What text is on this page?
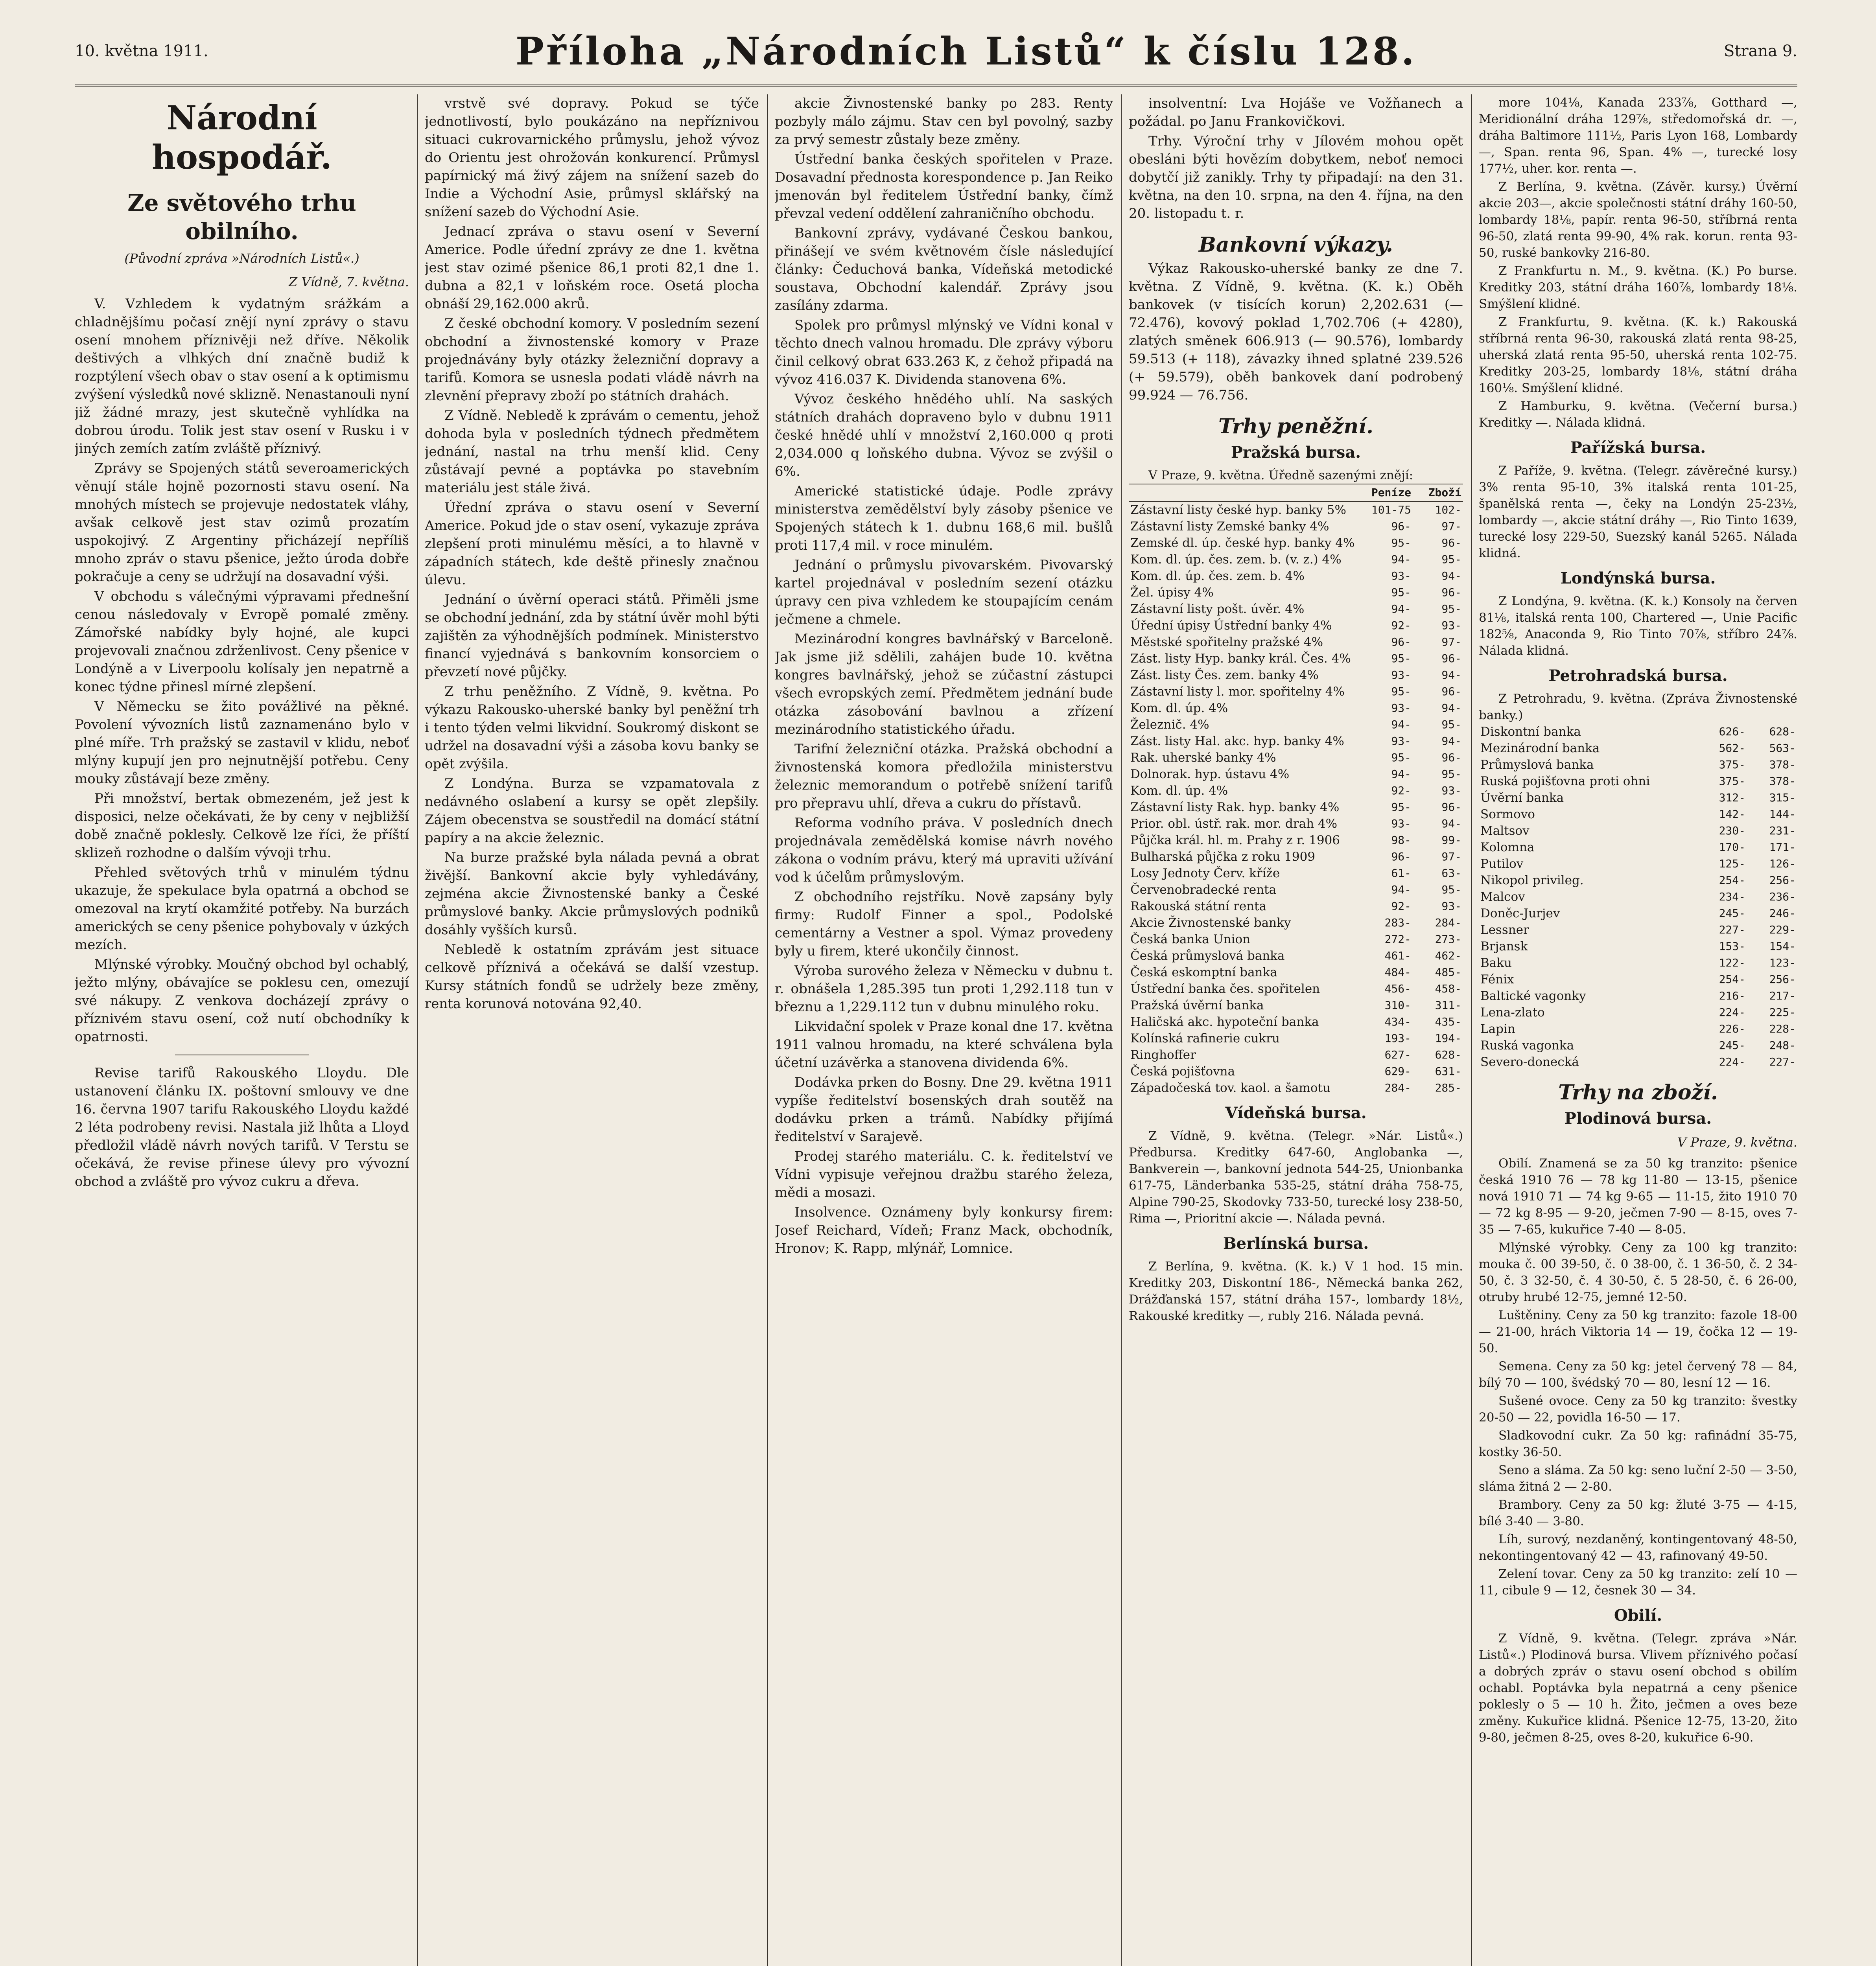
10. května 1911.	Příloha „Národních Listů“ k číslu 128.	Strana 9.
Národní hospodář.
Ze světového trhu obilního.
(Původní zpráva »Národních Listů«.)
Z Vídně, 7. května.

V. Vzhledem k vydatným srážkám a chladnějšímu počasí znějí nyní zprávy o stavu osení mnohem příznivěji než dříve. Několik deštivých a vlhkých dní značně budiž k rozptýlení všech obav o stav osení a k optimismu zvýšení výsledků nové sklizně. Nenastanouli nyní již žádné mrazy, jest skutečně vyhlídka na dobrou úrodu. Tolik jest stav osení v Rusku i v jiných zemích zatím zvláště příznivý.

Zprávy se Spojených států severoamerických věnují stále hojně pozornosti stavu osení. Na mnohých místech se projevuje nedostatek vláhy, avšak celkově jest stav ozimů prozatím uspokojivý. Z Argentiny přicházejí nepříliš mnoho zpráv o stavu pšenice, ježto úroda dobře pokračuje a ceny se udržují na dosavadní výši.

V obchodu s válečnými výpravami přednešní cenou následovaly v Evropě pomalé změny. Zámořské nabídky byly hojné, ale kupci projevovali značnou zdrženlivost. Ceny pšenice v Londýně a v Liverpoolu kolísaly jen nepatrně a konec týdne přinesl mírné zlepšení.

V Německu se žito povážlivé na pěkné. Povolení vývozních listů zaznamenáno bylo v plné míře. Trh pražský se zastavil v klidu, neboť mlýny kupují jen pro nejnutnější potřebu. Ceny mouky zůstávají beze změny.

Při množství, bertak obmezeném, jež jest k disposici, nelze očekávati, že by ceny v nejbližší době značně poklesly. Celkově lze říci, že příští sklizeň rozhodne o dalším vývoji trhu.

Přehled světových trhů v minulém týdnu ukazuje, že spekulace byla opatrná a obchod se omezoval na krytí okamžité potřeby. Na burzách amerických se ceny pšenice pohybovaly v úzkých mezích.

Mlýnské výrobky. Moučný obchod byl ochablý, ježto mlýny, obávajíce se poklesu cen, omezují své nákupy. Z venkova docházejí zprávy o příznivém stavu osení, což nutí obchodníky k opatrnosti.

Revise tarifů Rakouského Lloydu. Dle ustanovení článku IX. poštovní smlouvy ve dne 16. června 1907 tarifu Rakouského Lloydu každé 2 léta podrobeny revisi. Nastala již lhůta a Lloyd předložil vládě návrh nových tarifů. V Terstu se očekává, že revise přinese úlevy pro vývozní obchod a zvláště pro vývoz cukru a dřeva.

vrstvě své dopravy. Pokud se týče jednotlivostí, bylo poukázáno na nepříznivou situaci cukrovarnického průmyslu, jehož vývoz do Orientu jest ohrožován konkurencí. Průmysl papírnický má živý zájem na snížení sazeb do Indie a Východní Asie, průmysl sklářský na snížení sazeb do Východní Asie.

Jednací zpráva o stavu osení v Severní Americe. Podle úřední zprávy ze dne 1. května jest stav ozimé pšenice 86,1 proti 82,1 dne 1. dubna a 82,1 v loňském roce. Osetá plocha obnáší 29,162.000 akrů.

Z české obchodní komory. V posledním sezení obchodní a živnostenské komory v Praze projednávány byly otázky železniční dopravy a tarifů. Komora se usnesla podati vládě návrh na zlevnění přepravy zboží po státních drahách.

Z Vídně. Nebledě k zprávám o cementu, jehož dohoda byla v posledních týdnech předmětem jednání, nastal na trhu menší klid. Ceny zůstávají pevné a poptávka po stavebním materiálu jest stále živá.

Úřední zpráva o stavu osení v Severní Americe. Pokud jde o stav osení, vykazuje zpráva zlepšení proti minulému měsíci, a to hlavně v západních státech, kde deště přinesly značnou úlevu.

Jednání o úvěrní operaci států. Přiměli jsme se obchodní jednání, zda by státní úvěr mohl býti zajištěn za výhodnějších podmínek. Ministerstvo financí vyjednává s bankovním konsorciem o převzetí nové půjčky.

Z trhu peněžního. Z Vídně, 9. května. Po výkazu Rakousko-uherské banky byl peněžní trh i tento týden velmi likvidní. Soukromý diskont se udržel na dosavadní výši a zásoba kovu banky se opět zvýšila.

Z Londýna. Burza se vzpamatovala z nedávného oslabení a kursy se opět zlepšily. Zájem obecenstva se soustředil na domácí státní papíry a na akcie železnic.

Na burze pražské byla nálada pevná a obrat živější. Bankovní akcie byly vyhledávány, zejména akcie Živnostenské banky a České průmyslové banky. Akcie průmyslových podniků dosáhly vyšších kursů.

Nebledě k ostatním zprávám jest situace celkově příznivá a očekává se další vzestup. Kursy státních fondů se udržely beze změny, renta korunová notována 92,40.

akcie Živnostenské banky po 283. Renty pozbyly málo zájmu. Stav cen byl povolný, sazby za prvý semestr zůstaly beze změny.

Ústřední banka českých spořitelen v Praze. Dosavadní přednosta korespondence p. Jan Reiko jmenován byl ředitelem Ústřední banky, čímž převzal vedení oddělení zahraničního obchodu.

Bankovní zprávy, vydávané Českou bankou, přinášejí ve svém květnovém čísle následující články: Čeduchová banka, Vídeňská metodické soustava, Obchodní kalendář. Zprávy jsou zasílány zdarma.

Spolek pro průmysl mlýnský ve Vídni konal v těchto dnech valnou hromadu. Dle zprávy výboru činil celkový obrat 633.263 K, z čehož připadá na vývoz 416.037 K. Dividenda stanovena 6%.

Vývoz českého hnědého uhlí. Na saských státních drahách dopraveno bylo v dubnu 1911 české hnědé uhlí v množství 2,160.000 q proti 2,034.000 q loňského dubna. Vývoz se zvýšil o 6%.

Americké statistické údaje. Podle zprávy ministerstva zemědělství byly zásoby pšenice ve Spojených státech k 1. dubnu 168,6 mil. bušlů proti 117,4 mil. v roce minulém.

Jednání o průmyslu pivovarském. Pivovarský kartel projednával v posledním sezení otázku úpravy cen piva vzhledem ke stoupajícím cenám ječmene a chmele.

Mezinárodní kongres bavlnářský v Barceloně. Jak jsme již sdělili, zahájen bude 10. května kongres bavlnářský, jehož se zúčastní zástupci všech evropských zemí. Předmětem jednání bude otázka zásobování bavlnou a zřízení mezinárodního statistického úřadu.

Tarifní železniční otázka. Pražská obchodní a živnostenská komora předložila ministerstvu železnic memorandum o potřebě snížení tarifů pro přepravu uhlí, dřeva a cukru do přístavů.

Reforma vodního práva. V posledních dnech projednávala zemědělská komise návrh nového zákona o vodním právu, který má upraviti užívání vod k účelům průmyslovým.

Z obchodního rejstříku. Nově zapsány byly firmy: Rudolf Finner a spol., Podolské cementárny a Vestner a spol. Výmaz provedeny byly u firem, které ukončily činnost.

Výroba surového železa v Německu v dubnu t. r. obnášela 1,285.395 tun proti 1,292.118 tun v březnu a 1,229.112 tun v dubnu minulého roku.

Likvidační spolek v Praze konal dne 17. května 1911 valnou hromadu, na které schválena byla účetní uzávěrka a stanovena dividenda 6%.

Dodávka prken do Bosny. Dne 29. května 1911 vypíše ředitelství bosenských drah soutěž na dodávku prken a trámů. Nabídky přijímá ředitelství v Sarajevě.

Prodej starého materiálu. C. k. ředitelství ve Vídni vypisuje veřejnou dražbu starého železa, mědi a mosazi.

Insolvence. Oznámeny byly konkursy firem: Josef Reichard, Vídeň; Franz Mack, obchodník, Hronov; K. Rapp, mlýnář, Lomnice.

insolventní: Lva Hojáše ve Vožňanech a požádal. po Janu Frankovičkovi.

Trhy. Výroční trhy v Jílovém mohou opět obesláni býti hovězím dobytkem, neboť nemoci dobytčí již zanikly. Trhy ty připadají: na den 31. května, na den 10. srpna, na den 4. října, na den 20. listopadu t. r.

Bankovní výkazy.

Výkaz Rakousko-uherské banky ze dne 7. května. Z Vídně, 9. května. (K. k.) Oběh bankovek (v tisících korun) 2,202.631 (— 72.476), kovový poklad 1,702.706 (+ 4280), zlatých směnek 606.913 (— 90.576), lombardy 59.513 (+ 118), závazky ihned splatné 239.526 (+ 59.579), oběh bankovek daní podrobený 99.924 — 76.756.

Trhy peněžní.
Pražská bursa.

V Praze, 9. května. Úředně sazenými znějí:

	Peníze	Zboží
Zástavní listy české hyp. banky 5%	101-75	102-
Zástavní listy Zemské banky 4%	96-	97-
Zemské dl. úp. české hyp. banky 4%	95-	96-
Kom. dl. úp. čes. zem. b. (v. z.) 4%	94-	95-
Kom. dl. úp. čes. zem. b. 4%	93-	94-
Žel. úpisy 4%	95-	96-
Zástavní listy pošt. úvěr. 4%	94-	95-
Úřední úpisy Ústřední banky 4%	92-	93-
Městské spořitelny pražské 4%	96-	97-
Zást. listy Hyp. banky král. Čes. 4%	95-	96-
Zást. listy Čes. zem. banky 4%	93-	94-
Zástavní listy l. mor. spořitelny 4%	95-	96-
Kom. dl. úp. 4%	93-	94-
Železnič. 4%	94-	95-
Zást. listy Hal. akc. hyp. banky 4%	93-	94-
Rak. uherské banky 4%	95-	96-
Dolnorak. hyp. ústavu 4%	94-	95-
Kom. dl. úp. 4%	92-	93-
Zástavní listy Rak. hyp. banky 4%	95-	96-
Prior. obl. ústř. rak. mor. drah 4%	93-	94-
Půjčka král. hl. m. Prahy z r. 1906	98-	99-
Bulharská půjčka z roku 1909	96-	97-
Losy Jednoty Červ. kříže	61-	63-
Červenobradecké renta	94-	95-
Rakouská státní renta	92-	93-
Akcie Živnostenské banky	283-	284-
Česká banka Union	272-	273-
Česká průmyslová banka	461-	462-
Česká eskomptní banka	484-	485-
Ústřední banka čes. spořitelen	456-	458-
Pražská úvěrní banka	310-	311-
Haličská akc. hypoteční banka	434-	435-
Kolínská rafinerie cukru	193-	194-
Ringhoffer	627-	628-
Česká pojišťovna	629-	631-
Západočeská tov. kaol. a šamotu	284-	285-
Vídeňská bursa.

Z Vídně, 9. května. (Telegr. »Nár. Listů«.) Předbursa. Kreditky 647-60, Anglobanka —, Bankverein —, bankovní jednota 544-25, Unionbanka 617-75, Länderbanka 535-25, státní dráha 758-75, Alpine 790-25, Skodovky 733-50, turecké losy 238-50, Rima —, Prioritní akcie —. Nálada pevná.

Berlínská bursa.

Z Berlína, 9. května. (K. k.) V 1 hod. 15 min. Kreditky 203, Diskontní 186-, Německá banka 262, Drážďanská 157, státní dráha 157-, lombardy 18½, Rakouské kreditky —, rubly 216. Nálada pevná.

more 104⅛, Kanada 233⅞, Gotthard —, Meridionální dráha 129⅞, středomořská dr. —, dráha Baltimore 111½, Paris Lyon 168, Lombardy —, Span. renta 96, Span. 4% —, turecké losy 177½, uher. kor. renta —.

Z Berlína, 9. května. (Závěr. kursy.) Úvěrní akcie 203—, akcie společnosti státní dráhy 160-50, lombardy 18⅛, papír. renta 96-50, stříbrná renta 96-50, zlatá renta 99-90, 4% rak. korun. renta 93-50, ruské bankovky 216-80.

Z Frankfurtu n. M., 9. května. (K.) Po burse. Kreditky 203, státní dráha 160⅞, lombardy 18⅛. Smýšlení klidné.

Z Frankfurtu, 9. května. (K. k.) Rakouská stříbrná renta 96-30, rakouská zlatá renta 98-25, uherská zlatá renta 95-50, uherská renta 102-75. Kreditky 203-25, lombardy 18⅛, státní dráha 160⅛. Smýšlení klidné.

Z Hamburku, 9. května. (Večerní bursa.) Kreditky —. Nálada klidná.

Pařížská bursa.

Z Paříže, 9. května. (Telegr. závěrečné kursy.) 3% renta 95-10, 3% italská renta 101-25, španělská renta —, čeky na Londýn 25-23½, lombardy —, akcie státní dráhy —, Rio Tinto 1639, turecké losy 229-50, Suezský kanál 5265. Nálada klidná.

Londýnská bursa.

Z Londýna, 9. května. (K. k.) Konsoly na červen 81⅛, italská renta 100, Chartered —, Unie Pacific 182⅝, Anaconda 9, Rio Tinto 70⅞, stříbro 24⅞. Nálada klidná.

Petrohradská bursa.

Z Petrohradu, 9. května. (Zpráva Živnostenské banky.)

Diskontní banka	626-	628-
Mezinárodní banka	562-	563-
Průmyslová banka	375-	378-
Ruská pojišťovna proti ohni	375-	378-
Úvěrní banka	312-	315-
Sormovo	142-	144-
Maltsov	230-	231-
Kolomna	170-	171-
Putilov	125-	126-
Nikopol privileg.	254-	256-
Malcov	234-	236-
Doněc-Jurjev	245-	246-
Lessner	227-	229-
Brjansk	153-	154-
Baku	122-	123-
Fénix	254-	256-
Baltické vagonky	216-	217-
Lena-zlato	224-	225-
Lapin	226-	228-
Ruská vagonka	245-	248-
Severo-donecká	224-	227-
Trhy na zboží.
Plodinová bursa.
V Praze, 9. května.

Obilí. Znamená se za 50 kg tranzito: pšenice česká 1910 76 — 78 kg 11-80 — 13-15, pšenice nová 1910 71 — 74 kg 9-65 — 11-15, žito 1910 70 — 72 kg 8-95 — 9-20, ječmen 7-90 — 8-15, oves 7-35 — 7-65, kukuřice 7-40 — 8-05.

Mlýnské výrobky. Ceny za 100 kg tranzito: mouka č. 00 39-50, č. 0 38-00, č. 1 36-50, č. 2 34-50, č. 3 32-50, č. 4 30-50, č. 5 28-50, č. 6 26-00, otruby hrubé 12-75, jemné 12-50.

Luštěniny. Ceny za 50 kg tranzito: fazole 18-00 — 21-00, hrách Viktoria 14 — 19, čočka 12 — 19-50.

Semena. Ceny za 50 kg: jetel červený 78 — 84, bílý 70 — 100, švédský 70 — 80, lesní 12 — 16.

Sušené ovoce. Ceny za 50 kg tranzito: švestky 20-50 — 22, povidla 16-50 — 17.

Sladkovodní cukr. Za 50 kg: rafinádní 35-75, kostky 36-50.

Seno a sláma. Za 50 kg: seno luční 2-50 — 3-50, sláma žitná 2 — 2-80.

Brambory. Ceny za 50 kg: žluté 3-75 — 4-15, bílé 3-40 — 3-80.

Líh, surový, nezdaněný, kontingentovaný 48-50, nekontingentovaný 42 — 43, rafinovaný 49-50.

Zelení tovar. Ceny za 50 kg tranzito: zelí 10 — 11, cibule 9 — 12, česnek 30 — 34.

Obilí.

Z Vídně, 9. května. (Telegr. zpráva »Nár. Listů«.) Plodinová bursa. Vlivem příznivého počasí a dobrých zpráv o stavu osení obchod s obilím ochabl. Poptávka byla nepatrná a ceny pšenice poklesly o 5 — 10 h. Žito, ječmen a oves beze změny. Kukuřice klidná. Pšenice 12-75, 13-20, žito 9-80, ječmen 8-25, oves 8-20, kukuřice 6-90.
